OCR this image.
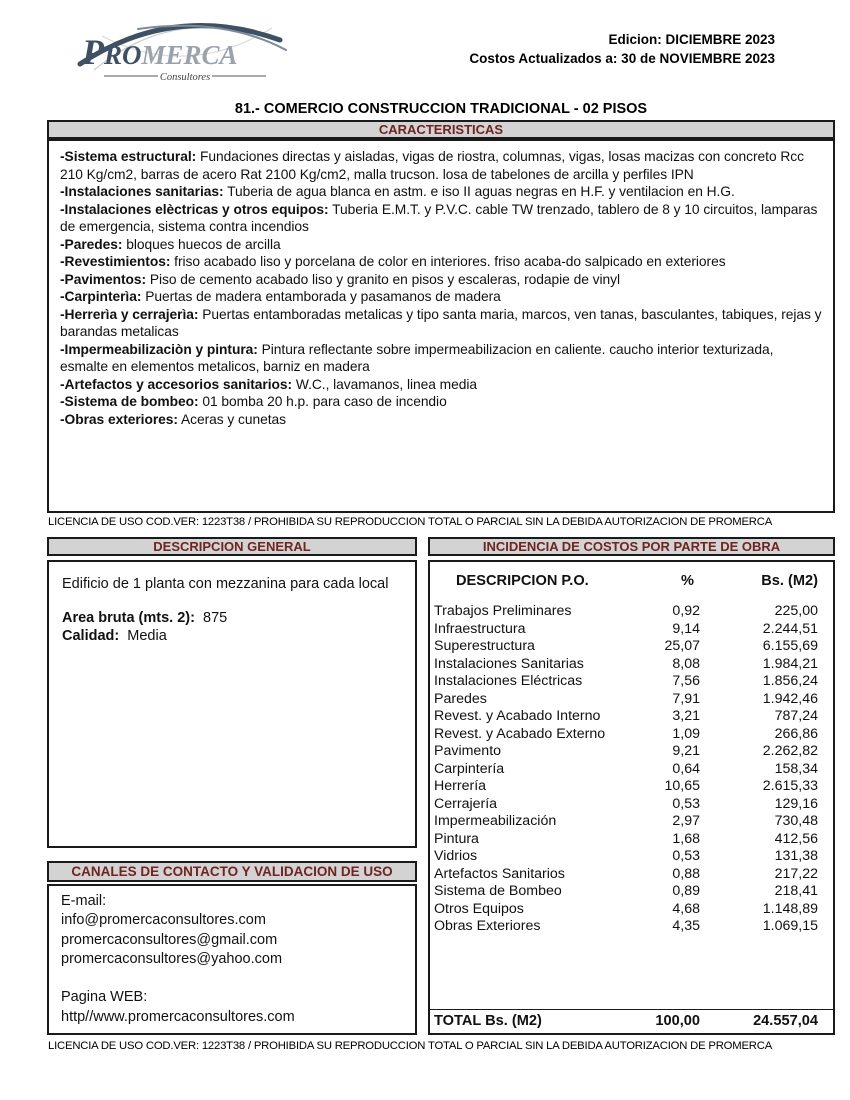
PROMERCA
Consultores
Edicion: DICIEMBRE 2023
Costos Actualizados a: 30 de NOVIEMBRE 2023
81.- COMERCIO CONSTRUCCION TRADICIONAL - 02 PISOS
CARACTERISTICAS
-Sistema estructural: Fundaciones directas y aisladas, vigas de riostra, columnas, vigas, losas macizas con concreto Rcc 210 Kg/cm2, barras de acero Rat 2100 Kg/cm2, malla trucson. losa de tabelones de arcilla y perfiles IPN
-Instalaciones sanitarias: Tuberia de agua blanca en astm. e iso II aguas negras en H.F. y ventilacion en H.G.
-Instalaciones elèctricas y otros equipos: Tuberia E.M.T. y P.V.C. cable TW trenzado, tablero de 8 y 10 circuitos, lamparas de emergencia, sistema contra incendios
-Paredes: bloques huecos de arcilla
-Revestimientos: friso acabado liso y porcelana de color en interiores. friso acaba-do salpicado en exteriores
-Pavimentos: Piso de cemento acabado liso y granito en pisos y escaleras, rodapie de vinyl
-Carpinterìa: Puertas de madera entamborada y pasamanos de madera
-Herrerìa y cerrajerìa: Puertas entamboradas metalicas y tipo santa maria, marcos, ven tanas, basculantes, tabiques, rejas y barandas metalicas
-Impermeabilizaciòn y pintura: Pintura reflectante sobre impermeabilizacion en caliente. caucho interior texturizada, esmalte en elementos metalicos, barniz en madera
-Artefactos y accesorios sanitarios: W.C., lavamanos, linea media
-Sistema de bombeo: 01 bomba 20 h.p. para caso de incendio
-Obras exteriores: Aceras y cunetas
LICENCIA DE USO COD.VER: 1223T38 / PROHIBIDA SU REPRODUCCION TOTAL O PARCIAL SIN LA DEBIDA AUTORIZACION DE PROMERCA
DESCRIPCION GENERAL
Edificio de 1 planta con mezzanina para cada local
Area bruta (mts. 2): 875
Calidad: Media
INCIDENCIA DE COSTOS POR PARTE DE OBRA
DESCRIPCION P.O.	%	Bs. (M2)
Trabajos Preliminares	0,92	225,00
Infraestructura	9,14	2.244,51
Superestructura	25,07	6.155,69
Instalaciones Sanitarias	8,08	1.984,21
Instalaciones Eléctricas	7,56	1.856,24
Paredes	7,91	1.942,46
Revest. y Acabado Interno	3,21	787,24
Revest. y Acabado Externo	1,09	266,86
Pavimento	9,21	2.262,82
Carpintería	0,64	158,34
Herrería	10,65	2.615,33
Cerrajería	0,53	129,16
Impermeabilización	2,97	730,48
Pintura	1,68	412,56
Vidrios	0,53	131,38
Artefactos Sanitarios	0,88	217,22
Sistema de Bombeo	0,89	218,41
Otros Equipos	4,68	1.148,89
Obras Exteriores	4,35	1.069,15
TOTAL Bs. (M2)	100,00	24.557,04
CANALES DE CONTACTO Y VALIDACION DE USO
E-mail:
info@promercaconsultores.com
promercaconsultores@gmail.com
promercaconsultores@yahoo.com
Pagina WEB:
http//www.promercaconsultores.com
LICENCIA DE USO COD.VER: 1223T38 / PROHIBIDA SU REPRODUCCION TOTAL O PARCIAL SIN LA DEBIDA AUTORIZACION DE PROMERCA
